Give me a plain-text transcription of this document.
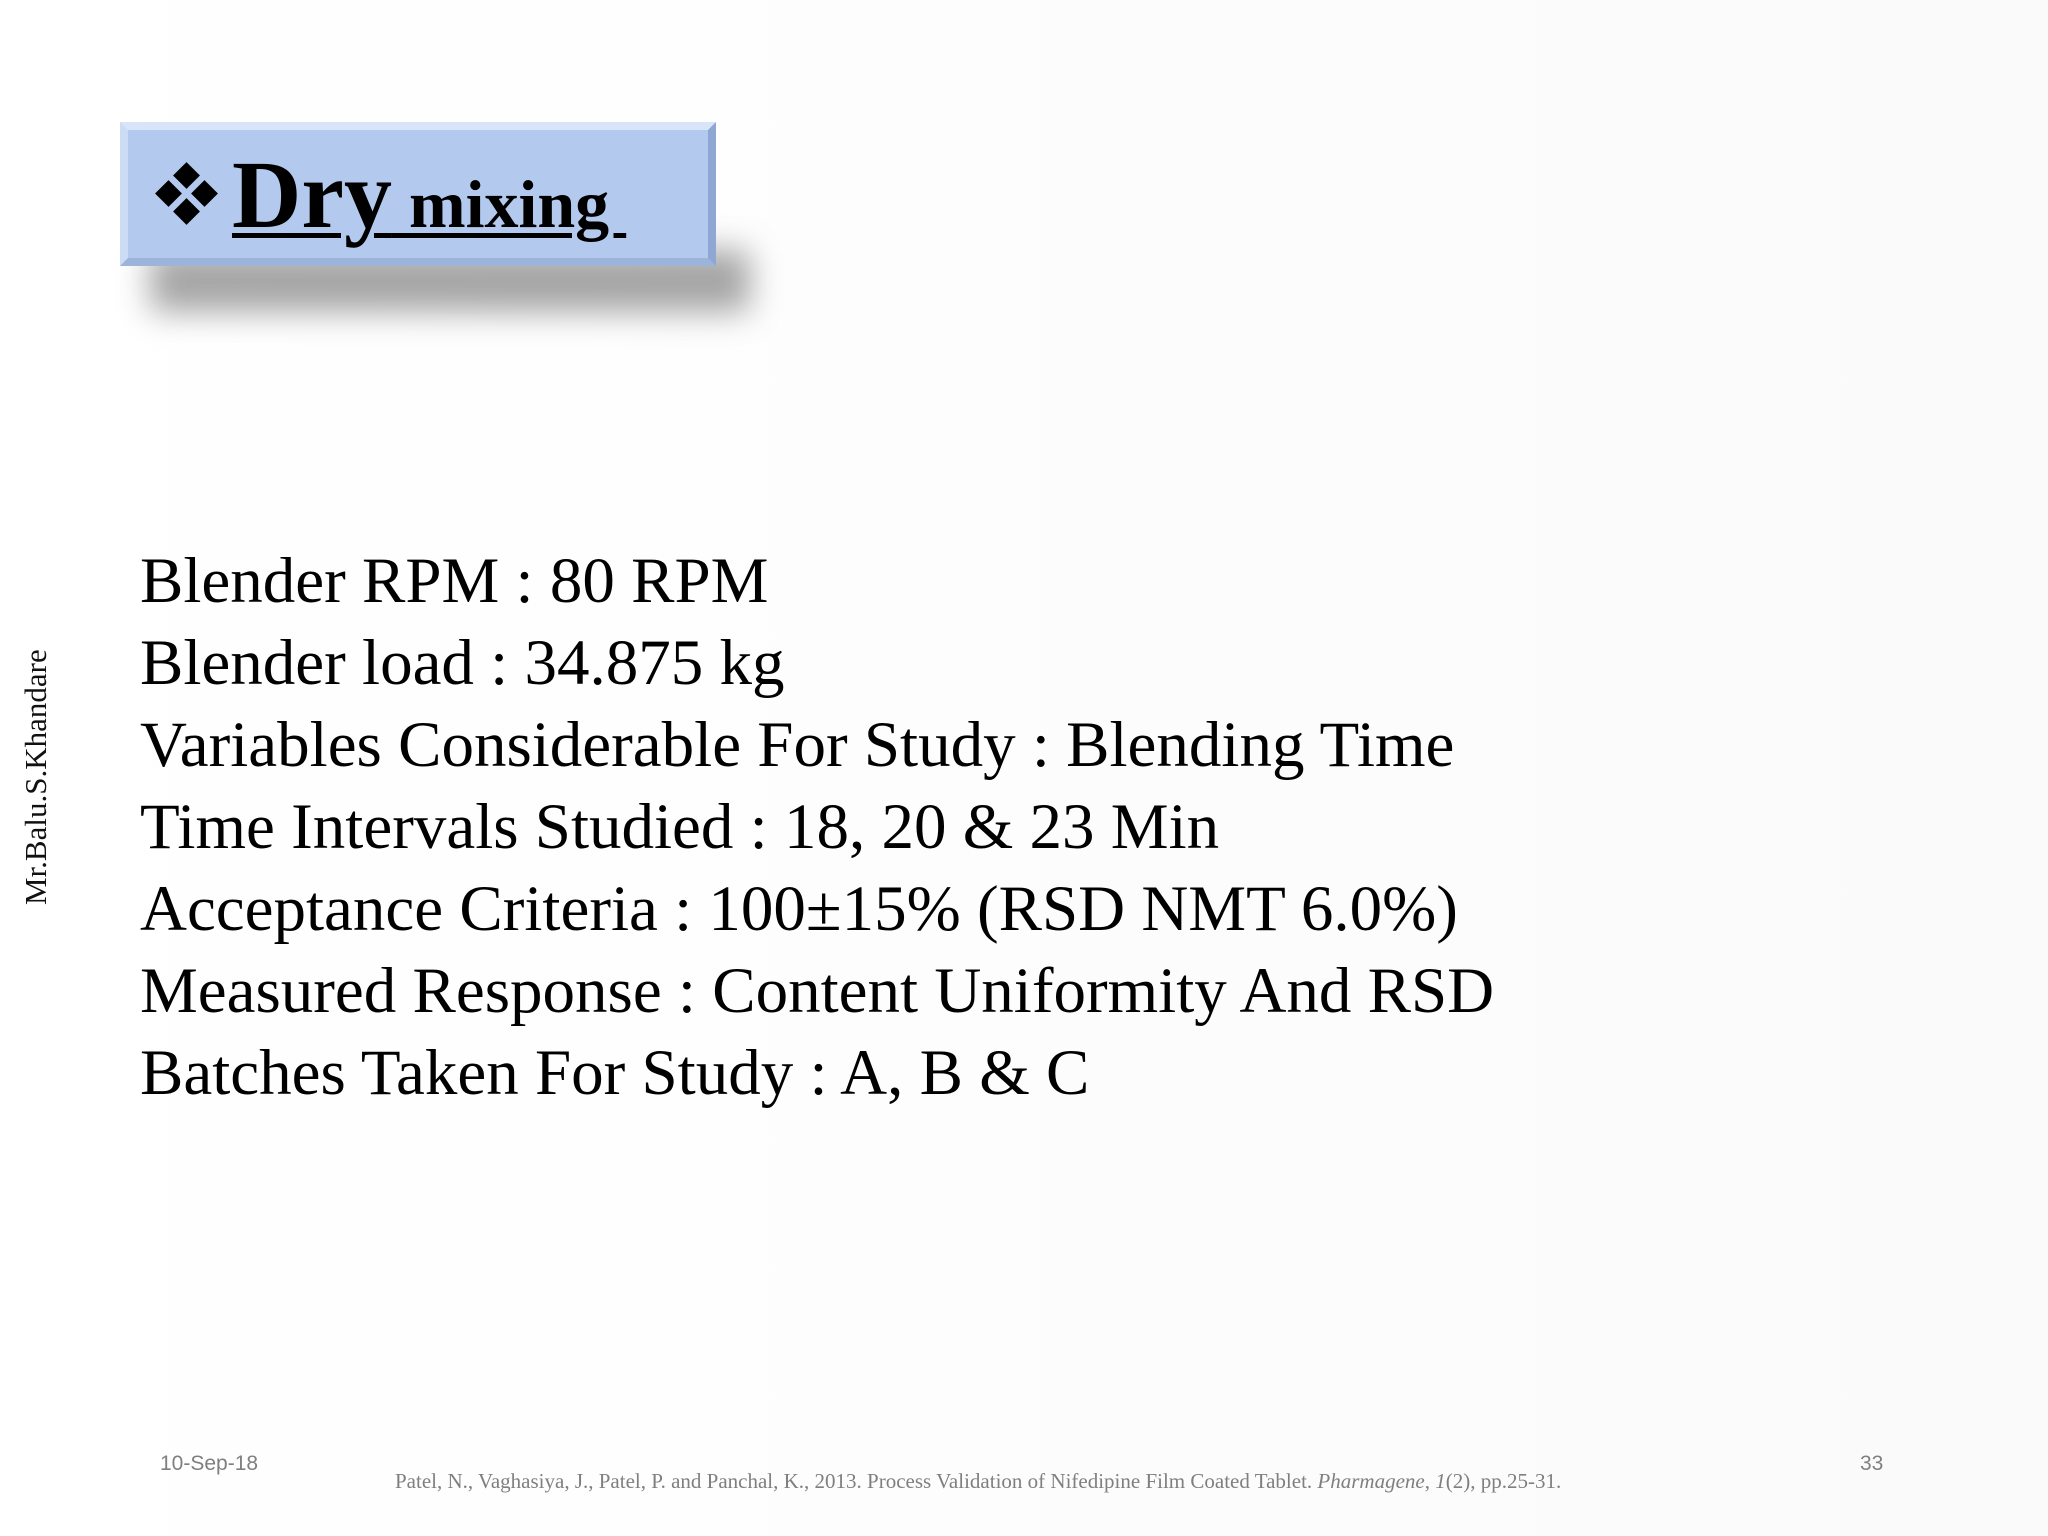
Dry mixing
Mr.Balu.S.Khandare
Blender RPM : 80 RPM
Blender load : 34.875 kg
Variables Considerable For Study : Blending Time
Time Intervals Studied : 18, 20 & 23 Min
Acceptance Criteria : 100±15% (RSD NMT 6.0%)
Measured Response : Content Uniformity And RSD
Batches Taken For Study : A, B & C
10-Sep-18
Patel, N., Vaghasiya, J., Patel, P. and Panchal, K., 2013. Process Validation of Nifedipine Film Coated Tablet. Pharmagene, 1(2), pp.25-31.
33
